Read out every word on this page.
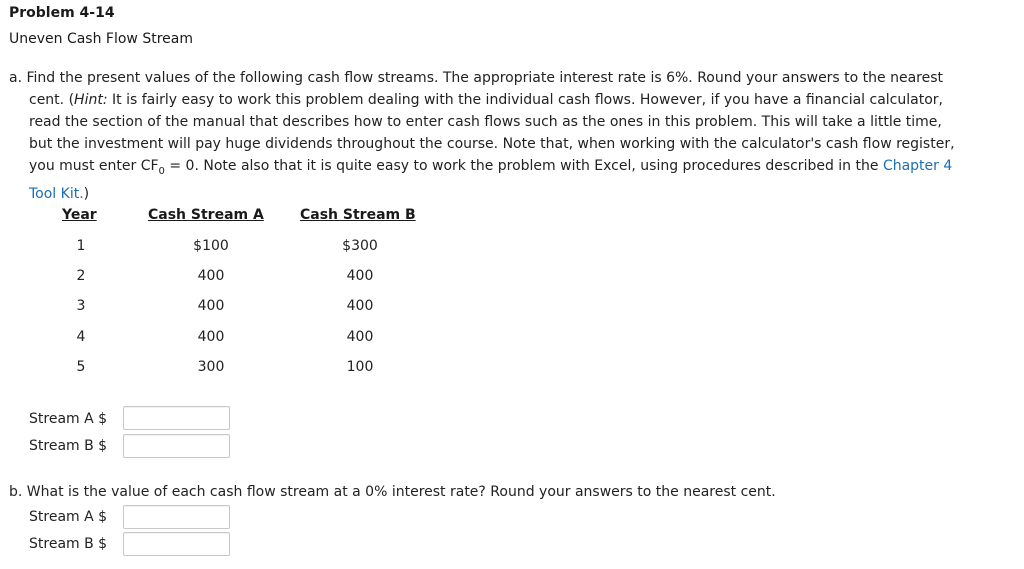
Problem 4-14
Uneven Cash Flow Stream
a. Find the present values of the following cash flow streams. The appropriate interest rate is 6%. Round your answers to the nearest
cent. (Hint: It is fairly easy to work this problem dealing with the individual cash flows. However, if you have a financial calculator,
read the section of the manual that describes how to enter cash flows such as the ones in this problem. This will take a little time,
but the investment will pay huge dividends throughout the course. Note that, when working with the calculator's cash flow register,
you must enter $CF_0 = 0$. Note also that it is quite easy to work the problem with Excel, using procedures described in the Chapter 4
Tool Kit.)
Year	Cash Stream A	Cash Stream B
1	$100	$300
2	400	400
3	400	400
4	400	400
5	300	100
Stream A $
Stream B $
b. What is the value of each cash flow stream at a 0% interest rate? Round your answers to the nearest cent.
Stream A $
Stream B $
